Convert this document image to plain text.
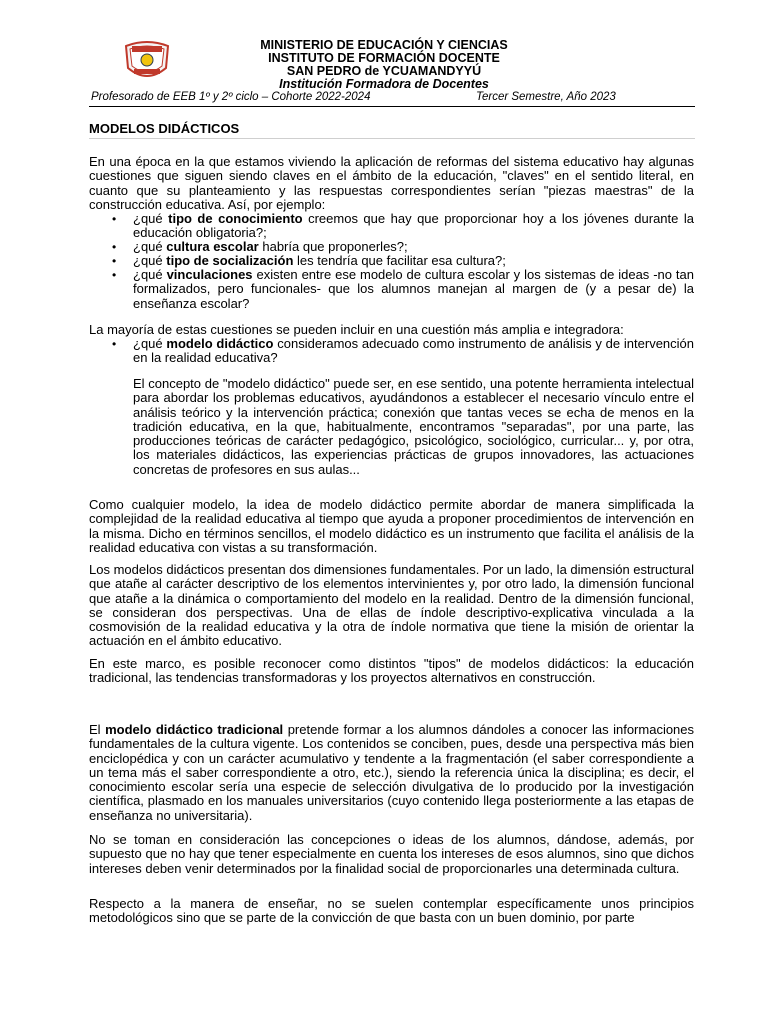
MINISTERIO DE EDUCACIÓN Y CIENCIAS
INSTITUTO DE FORMACIÓN DOCENTE
SAN PEDRO de YCUAMANDYYÚ
Institución Formadora de Docentes
Profesorado de EEB 1º y 2º ciclo – Cohorte 2022-2024	Tercer Semestre, Año 2023
MODELOS DIDÁCTICOS

En una época en la que estamos viviendo la aplicación de reformas del sistema educativo hay algunas cuestiones que siguen siendo claves en el ámbito de la educación, "claves" en el sentido literal, en cuanto que su planteamiento y las respuestas correspondientes serían "piezas maestras" de la construcción educativa. Así, por ejemplo:

• ¿qué tipo de conocimiento creemos que hay que proporcionar hoy a los jóvenes durante la educación obligatoria?;

• ¿qué cultura escolar habría que proponerles?;

• ¿qué tipo de socialización les tendría que facilitar esa cultura?;

• ¿qué vinculaciones existen entre ese modelo de cultura escolar y los sistemas de ideas -no tan formalizados, pero funcionales- que los alumnos manejan al margen de (y a pesar de) la enseñanza escolar?

La mayoría de estas cuestiones se pueden incluir en una cuestión más amplia e integradora:

• ¿qué modelo didáctico consideramos adecuado como instrumento de análisis y de intervención en la realidad educativa?

El concepto de "modelo didáctico" puede ser, en ese sentido, una potente herramienta intelectual para abordar los problemas educativos, ayudándonos a establecer el necesario vínculo entre el análisis teórico y la intervención práctica; conexión que tantas veces se echa de menos en la tradición educativa, en la que, habitualmente, encontramos "separadas", por una parte, las producciones teóricas de carácter pedagógico, psicológico, sociológico, curricular... y, por otra, los materiales didácticos, las experiencias prácticas de grupos innovadores, las actuaciones concretas de profesores en sus aulas...

Como cualquier modelo, la idea de modelo didáctico permite abordar de manera simplificada la complejidad de la realidad educativa al tiempo que ayuda a proponer procedimientos de intervención en la misma. Dicho en términos sencillos, el modelo didáctico es un instrumento que facilita el análisis de la realidad educativa con vistas a su transformación.

Los modelos didácticos presentan dos dimensiones fundamentales. Por un lado, la dimensión estructural que atañe al carácter descriptivo de los elementos intervinientes y, por otro lado, la dimensión funcional que atañe a la dinámica o comportamiento del modelo en la realidad. Dentro de la dimensión funcional, se consideran dos perspectivas. Una de ellas de índole descriptivo-explicativa vinculada a la cosmovisión de la realidad educativa y la otra de índole normativa que tiene la misión de orientar la actuación en el ámbito educativo.

En este marco, es posible reconocer como distintos "tipos" de modelos didácticos: la educación tradicional, las tendencias transformadoras y los proyectos alternativos en construcción.

El modelo didáctico tradicional pretende formar a los alumnos dándoles a conocer las informaciones fundamentales de la cultura vigente. Los contenidos se conciben, pues, desde una perspectiva más bien enciclopédica y con un carácter acumulativo y tendente a la fragmentación (el saber correspondiente a un tema más el saber correspondiente a otro, etc.), siendo la referencia única la disciplina; es decir, el conocimiento escolar sería una especie de selección divulgativa de lo producido por la investigación científica, plasmado en los manuales universitarios (cuyo contenido llega posteriormente a las etapas de enseñanza no universitaria).

No se toman en consideración las concepciones o ideas de los alumnos, dándose, además, por supuesto que no hay que tener especialmente en cuenta los intereses de esos alumnos, sino que dichos intereses deben venir determinados por la finalidad social de proporcionarles una determinada cultura.

Respecto a la manera de enseñar, no se suelen contemplar específicamente unos principios metodológicos sino que se parte de la convicción de que basta con un buen dominio, por parte
